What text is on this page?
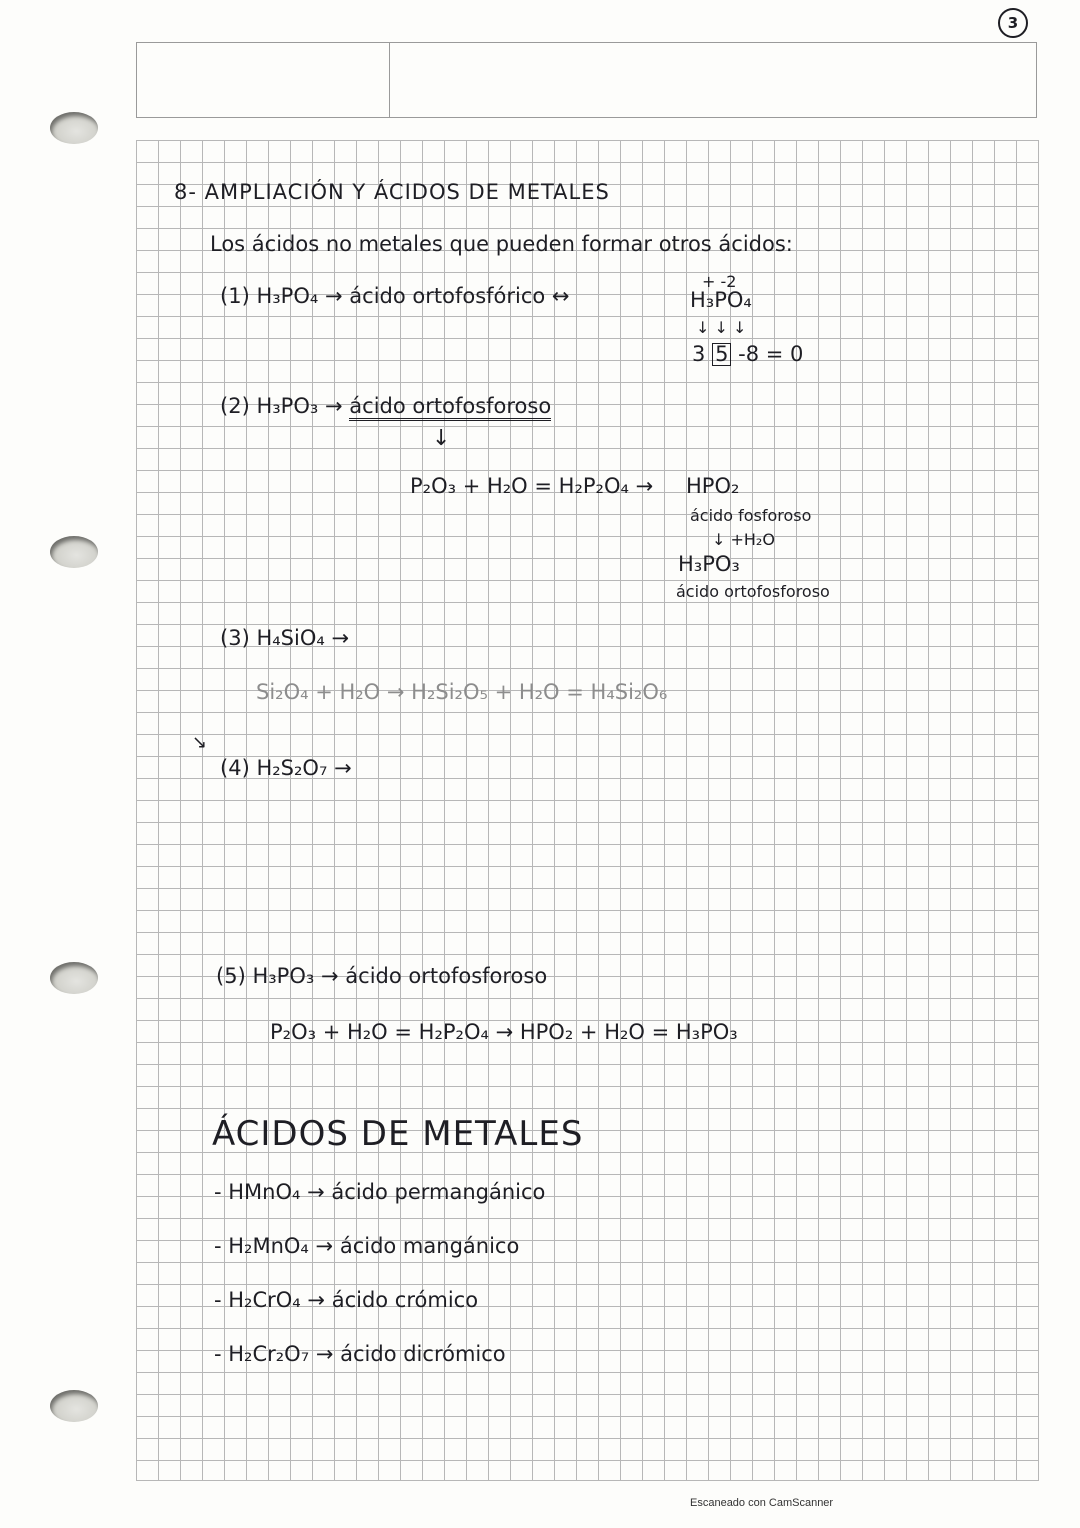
3
8- AMPLIACIÓN Y ÁCIDOS DE METALES
Los ácidos no metales que pueden formar otros ácidos:
(1) H₃PO₄ → ácido ortofosfórico ↔
+ -2
H₃PO₄
↓ ↓ ↓
3 5 -8 = 0
(2) H₃PO₃ → ácido ortofosforoso
↓
P₂O₃ + H₂O = H₂P₂O₄ → HPO₂
ácido fosforoso
↓ +H₂O
H₃PO₃
ácido ortofosforoso
(3) H₄SiO₄ →
Si₂O₄ + H₂O → H₂Si₂O₅ + H₂O = H₄Si₂O₆
↘
(4) H₂S₂O₇ →
(5) H₃PO₃ → ácido ortofosforoso
P₂O₃ + H₂O = H₂P₂O₄ → HPO₂ + H₂O = H₃PO₃
ÁCIDOS DE METALES
- HMnO₄ → ácido permangánico
- H₂MnO₄ → ácido mangánico
- H₂CrO₄ → ácido crómico
- H₂Cr₂O₇ → ácido dicrómico
Escaneado con CamScanner
